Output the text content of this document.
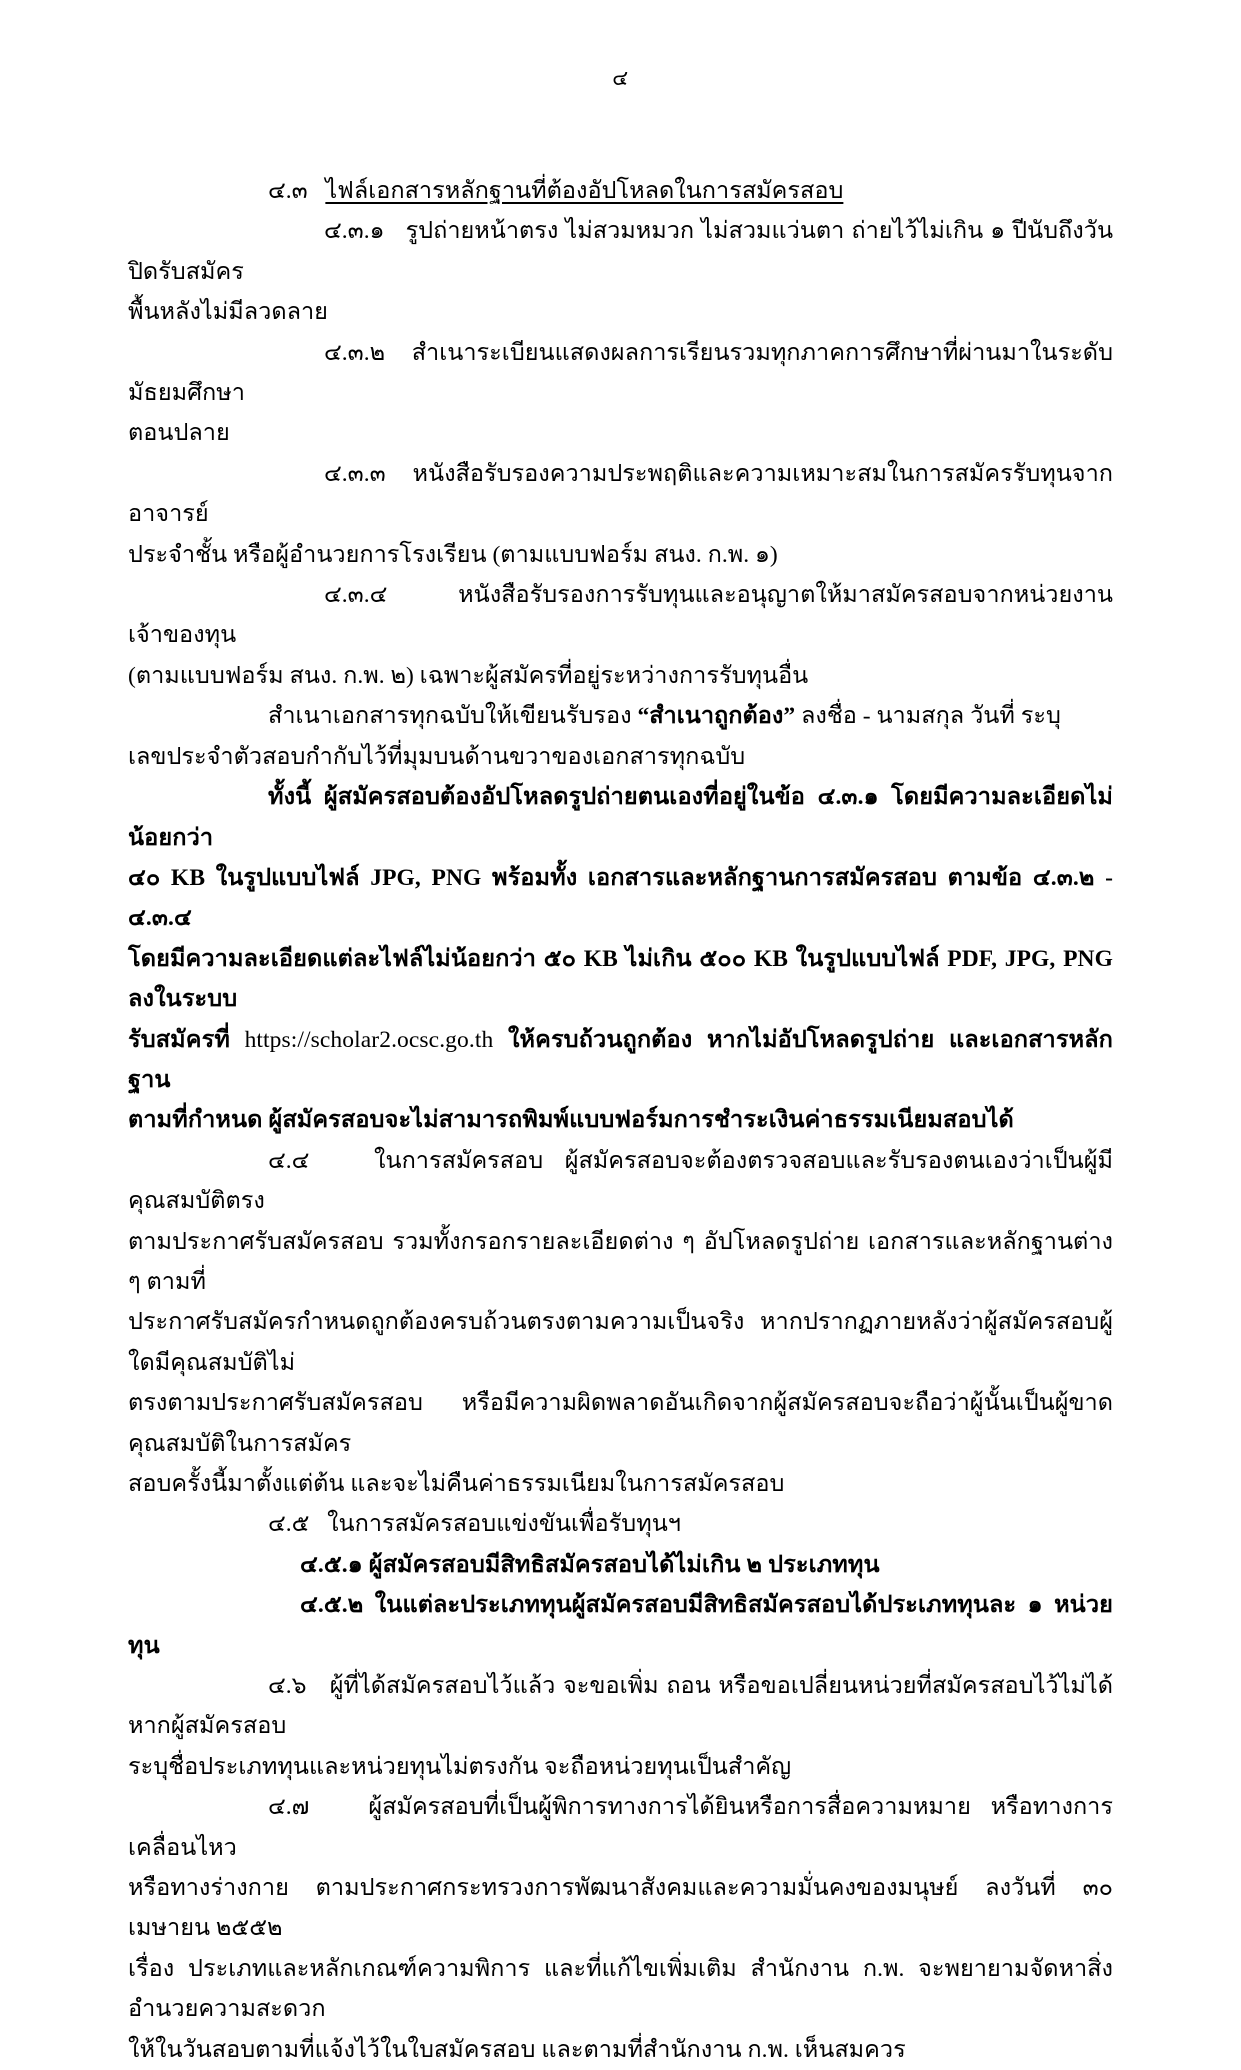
๔

๔.๓ ไฟล์เอกสารหลักฐานที่ต้องอัปโหลดในการสมัครสอบ

๔.๓.๑ รูปถ่ายหน้าตรง ไม่สวมหมวก ไม่สวมแว่นตา ถ่ายไว้ไม่เกิน ๑ ปีนับถึงวันปิดรับสมัคร

พื้นหลังไม่มีลวดลาย

๔.๓.๒ สำเนาระเบียนแสดงผลการเรียนรวมทุกภาคการศึกษาที่ผ่านมาในระดับมัธยมศึกษา

ตอนปลาย

๔.๓.๓ หนังสือรับรองความประพฤติและความเหมาะสมในการสมัครรับทุนจากอาจารย์

ประจำชั้น หรือผู้อำนวยการโรงเรียน (ตามแบบฟอร์ม สนง. ก.พ. ๑)

๔.๓.๔	หนังสือรับรองการรับทุนและอนุญาตให้มาสมัครสอบจากหน่วยงานเจ้าของทุน

(ตามแบบฟอร์ม สนง. ก.พ. ๒) เฉพาะผู้สมัครที่อยู่ระหว่างการรับทุนอื่น

สำเนาเอกสารทุกฉบับให้เขียนรับรอง “สำเนาถูกต้อง” ลงชื่อ - นามสกุล วันที่ ระบุ

เลขประจำตัวสอบกำกับไว้ที่มุมบนด้านขวาของเอกสารทุกฉบับ

ทั้งนี้ ผู้สมัครสอบต้องอัปโหลดรูปถ่ายตนเองที่อยู่ในข้อ ๔.๓.๑ โดยมีความละเอียดไม่น้อยกว่า

๔๐ KB ในรูปแบบไฟล์ JPG, PNG พร้อมทั้ง เอกสารและหลักฐานการสมัครสอบ ตามข้อ ๔.๓.๒ - ๔.๓.๔

โดยมีความละเอียดแต่ละไฟล์ไม่น้อยกว่า ๕๐ KB ไม่เกิน ๕๐๐ KB ในรูปแบบไฟล์ PDF, JPG, PNG ลงในระบบ

รับสมัครที่ https://scholar2.ocsc.go.th ให้ครบถ้วนถูกต้อง หากไม่อัปโหลดรูปถ่าย และเอกสารหลักฐาน

ตามที่กำหนด ผู้สมัครสอบจะไม่สามารถพิมพ์แบบฟอร์มการชำระเงินค่าธรรมเนียมสอบได้

๔.๔	ในการสมัครสอบ ผู้สมัครสอบจะต้องตรวจสอบและรับรองตนเองว่าเป็นผู้มีคุณสมบัติตรง

ตามประกาศรับสมัครสอบ รวมทั้งกรอกรายละเอียดต่าง ๆ อัปโหลดรูปถ่าย เอกสารและหลักฐานต่าง ๆ ตามที่

ประกาศรับสมัครกำหนดถูกต้องครบถ้วนตรงตามความเป็นจริง หากปรากฏภายหลังว่าผู้สมัครสอบผู้ใดมีคุณสมบัติไม่

ตรงตามประกาศรับสมัครสอบ หรือมีความผิดพลาดอันเกิดจากผู้สมัครสอบจะถือว่าผู้นั้นเป็นผู้ขาดคุณสมบัติในการสมัคร

สอบครั้งนี้มาตั้งแต่ต้น และจะไม่คืนค่าธรรมเนียมในการสมัครสอบ

๔.๕ ในการสมัครสอบแข่งขันเพื่อรับทุนฯ

๔.๕.๑ ผู้สมัครสอบมีสิทธิสมัครสอบได้ไม่เกิน ๒ ประเภททุน

๔.๕.๒ ในแต่ละประเภททุนผู้สมัครสอบมีสิทธิสมัครสอบได้ประเภททุนละ ๑ หน่วยทุน

๔.๖ ผู้ที่ได้สมัครสอบไว้แล้ว จะขอเพิ่ม ถอน หรือขอเปลี่ยนหน่วยที่สมัครสอบไว้ไม่ได้ หากผู้สมัครสอบ

ระบุชื่อประเภททุนและหน่วยทุนไม่ตรงกัน จะถือหน่วยทุนเป็นสำคัญ

๔.๗	ผู้สมัครสอบที่เป็นผู้พิการทางการได้ยินหรือการสื่อความหมาย หรือทางการเคลื่อนไหว

หรือทางร่างกาย ตามประกาศกระทรวงการพัฒนาสังคมและความมั่นคงของมนุษย์ ลงวันที่ ๓๐ เมษายน ๒๕๕๒

เรื่อง ประเภทและหลักเกณฑ์ความพิการ และที่แก้ไขเพิ่มเติม สำนักงาน ก.พ. จะพยายามจัดหาสิ่งอำนวยความสะดวก

ให้ในวันสอบตามที่แจ้งไว้ในใบสมัครสอบ และตามที่สำนักงาน ก.พ. เห็นสมควร
